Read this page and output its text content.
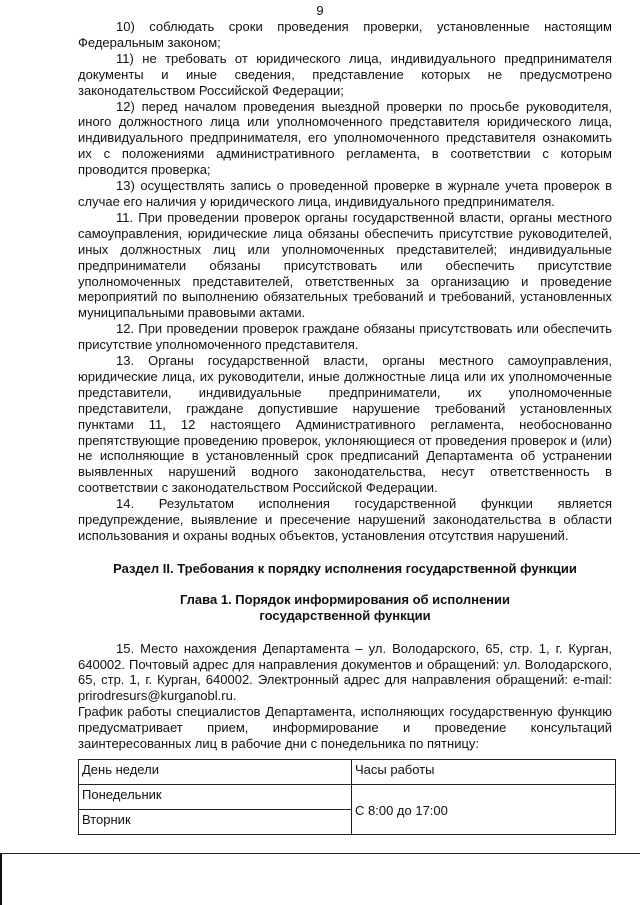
9

10) соблюдать сроки проведения проверки, установленные настоящим Федеральным законом;

11) не требовать от юридического лица, индивидуального предпринимателя документы и иные сведения, представление которых не предусмотрено законодательством Российской Федерации;

12) перед началом проведения выездной проверки по просьбе руководителя, иного должностного лица или уполномоченного представителя юридического лица, индивидуального предпринимателя, его уполномоченного представителя ознакомить их с положениями административного регламента, в соответствии с которым проводится проверка;

13) осуществлять запись о проведенной проверке в журнале учета проверок в случае его наличия у юридического лица, индивидуального предпринимателя.

11. При проведении проверок органы государственной власти, органы местного самоуправления, юридические лица обязаны обеспечить присутствие руководителей, иных должностных лиц или уполномоченных представителей; индивидуальные предприниматели обязаны присутствовать или обеспечить присутствие уполномоченных представителей, ответственных за организацию и проведение мероприятий по выполнению обязательных требований и требований, установленных муниципальными правовыми актами.

12. При проведении проверок граждане обязаны присутствовать или обеспечить присутствие уполномоченного представителя.

13. Органы государственной власти, органы местного самоуправления, юридические лица, их руководители, иные должностные лица или их уполномоченные представители, индивидуальные предприниматели, их уполномоченные представители, граждане допустившие нарушение требований установленных пунктами 11, 12 настоящего Административного регламента, необоснованно препятствующие проведению проверок, уклоняющиеся от проведения проверок и (или) не исполняющие в установленный срок предписаний Департамента об устранении выявленных нарушений водного законодательства, несут ответственность в соответствии с законодательством Российской Федерации.

14. Результатом исполнения государственной функции является предупреждение, выявление и пресечение нарушений законодательства в области использования и охраны водных объектов, установления отсутствия нарушений.

Раздел II. Требования к порядку исполнения государственной функции

Глава 1. Порядок информирования об исполнении

государственной функции

15. Место нахождения Департамента – ул. Володарского, 65, стр. 1, г. Курган, 640002. Почтовый адрес для направления документов и обращений: ул. Володарского, 65, стр. 1, г. Курган, 640002. Электронный адрес для направления обращений: e-mail: prirodresurs@kurganobl.ru.

График работы специалистов Департамента, исполняющих государственную функцию предусматривает прием, информирование и проведение консультаций заинтересованных лиц в рабочие дни с понедельника по пятницу:

День недели	Часы работы
Понедельник	С 8:00 до 17:00
Вторник	
